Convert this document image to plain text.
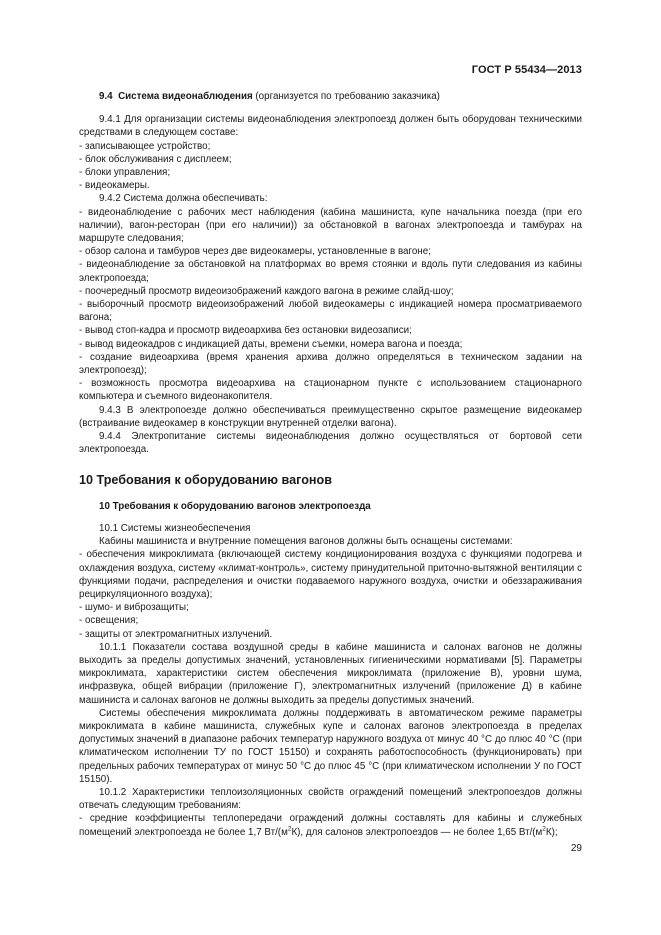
ГОСТ Р 55434—2013

9.4 Система видеонаблюдения (организуется по требованию заказчика)

9.4.1 Для организации системы видеонаблюдения электропоезд должен быть оборудован техническими средствами в следующем составе:

- записывающее устройство;

- блок обслуживания с дисплеем;

- блоки управления;

- видеокамеры.

9.4.2 Система должна обеспечивать:

- видеонаблюдение с рабочих мест наблюдения (кабина машиниста, купе начальника поезда (при его наличии), вагон-ресторан (при его наличии)) за обстановкой в вагонах электропоезда и тамбурах на маршруте следования;

- обзор салона и тамбуров через две видеокамеры, установленные в вагоне;

- видеонаблюдение за обстановкой на платформах во время стоянки и вдоль пути следования из кабины электропоезда;

- поочередный просмотр видеоизображений каждого вагона в режиме слайд-шоу;

- выборочный просмотр видеоизображений любой видеокамеры с индикацией номера просматриваемого вагона;

- вывод стоп-кадра и просмотр видеоархива без остановки видеозаписи;

- вывод видеокадров с индикацией даты, времени съемки, номера вагона и поезда;

- создание видеоархива (время хранения архива должно определяться в техническом задании на электропоезд);

- возможность просмотра видеоархива на стационарном пункте с использованием стационарного компьютера и съемного видеонакопителя.

9.4.3 В электропоезде должно обеспечиваться преимущественно скрытое размещение видеокамер (встраивание видеокамер в конструкции внутренней отделки вагона).

9.4.4 Электропитание системы видеонаблюдения должно осуществляться от бортовой сети электропоезда.

10 Требования к оборудованию вагонов

10 Требования к оборудованию вагонов электропоезда

10.1 Системы жизнеобеспечения

Кабины машиниста и внутренние помещения вагонов должны быть оснащены системами:

- обеспечения микроклимата (включающей систему кондиционирования воздуха с функциями подогрева и охлаждения воздуха, систему «климат-контроль», систему принудительной приточно-вытяжной вентиляции с функциями подачи, распределения и очистки подаваемого наружного воздуха, очистки и обеззараживания рециркуляционного воздуха);

- шумо- и виброзащиты;

- освещения;

- защиты от электромагнитных излучений.

10.1.1 Показатели состава воздушной среды в кабине машиниста и салонах вагонов не должны выходить за пределы допустимых значений, установленных гигиеническими нормативами [5]. Параметры микроклимата, характеристики систем обеспечения микроклимата (приложение В), уровни шума, инфразвука, общей вибрации (приложение Г), электромагнитных излучений (приложение Д) в кабине машиниста и салонах вагонов не должны выходить за пределы допустимых значений.

Системы обеспечения микроклимата должны поддерживать в автоматическом режиме параметры микроклимата в кабине машиниста, служебных купе и салонах вагонов электропоезда в пределах допустимых значений в диапазоне рабочих температур наружного воздуха от минус 40 °С до плюс 40 °С (при климатическом исполнении ТУ по ГОСТ 15150) и сохранять работоспособность (функционировать) при предельных рабочих температурах от минус 50 °С до плюс 45 °С (при климатическом исполнении У по ГОСТ 15150).

10.1.2 Характеристики теплоизоляционных свойств ограждений помещений электропоездов должны отвечать следующим требованиям:

- средние коэффициенты теплопередачи ограждений должны составлять для кабины и служебных помещений электропоезда не более 1,7 $Вт/(м^2К)$, для салонов электропоездов — не более 1,65 $Вт/(м^2К)$;

29
